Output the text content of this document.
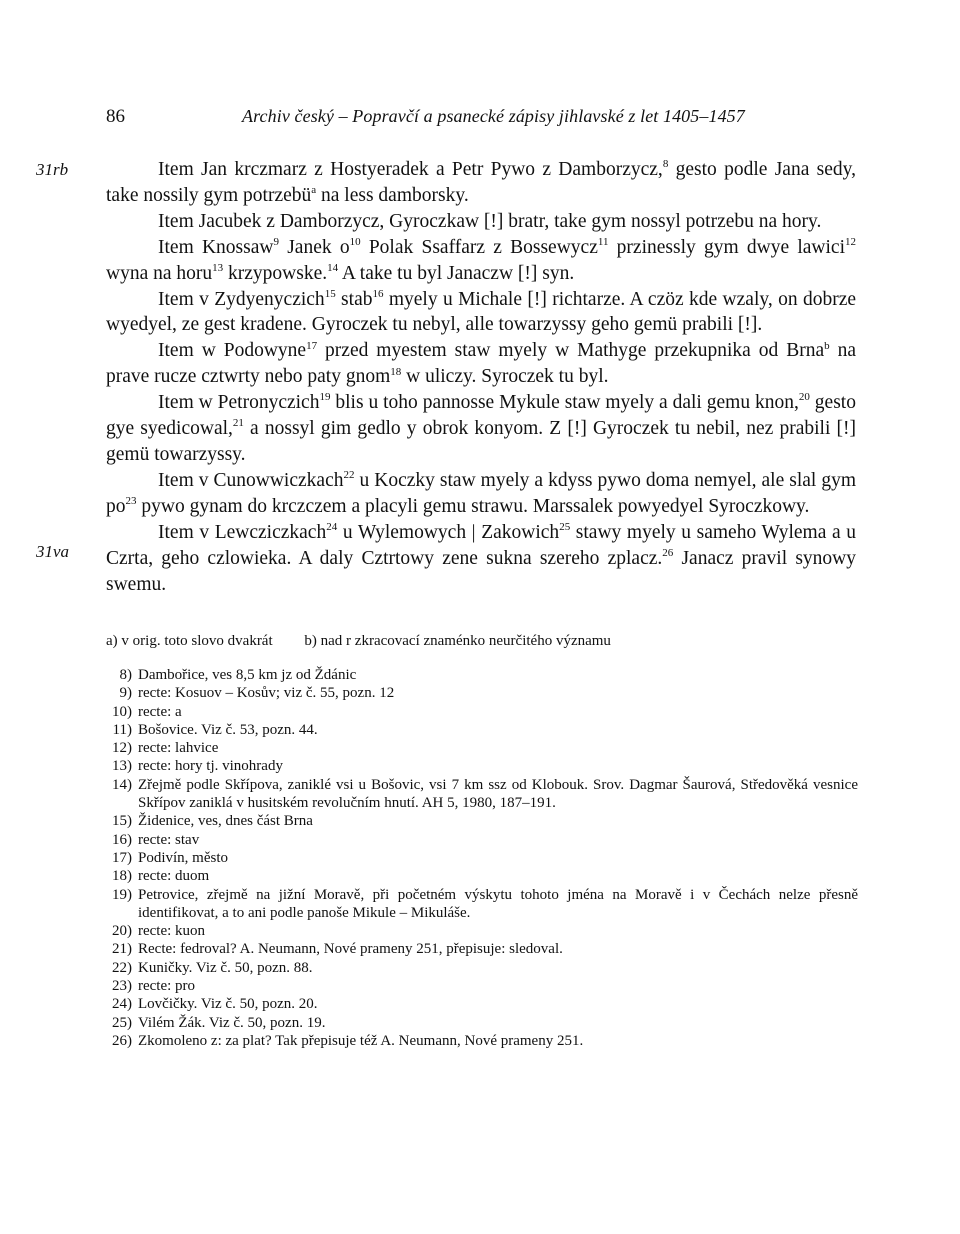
86	Archiv český – Popravčí a psanecké zápisy jihlavské z let 1405–1457
31rb
31va

Item Jan krczmarz z Hostyeradek a Petr Pywo z Damborzycz,$^8$ gesto podle Jana sedy, take nossily gym potrzebü$^a$ na less damborsky.

Item Jacubek z Damborzycz, Gyroczkaw [!] bratr, take gym nossyl potrzebu na hory.

Item Knossaw$^9$ Janek $o^{10}$ Polak Ssaffarz z Bossewycz$^{11}$ przinessly gym dwye lawici$^{12}$ wyna na horu$^{13}$ krzypowske.$^{14}$ A take tu byl Janaczw [!] syn.

Item v Zydyenyczich$^{15}$ stab$^{16}$ myely u Michale [!] richtarze. A czöz kde wzaly, on dobrze wyedyel, ze gest kradene. Gyroczek tu nebyl, alle towarzyssy geho gemü prabili [!].

Item w Podowyne$^{17}$ przed myestem staw myely w Mathyge przekupnika od Brna$^b$ na prave rucze cztwrty nebo paty gnom$^{18}$ w uliczy. Syroczek tu byl.

Item w Petronyczich$^{19}$ blis u toho pannosse Mykule staw myely a dali gemu knon,$^{20}$ gesto gye syedicowal,$^{21}$ a nossyl gim gedlo y obrok konyom. Z [!] Gyroczek tu nebil, nez prabili [!] gemü towarzyssy.

Item v Cunowwiczkach$^{22}$ u Koczky staw myely a kdyss pywo doma nemyel, ale slal gym $po^{23}$ pywo gynam do krczczem a placyli gemu strawu. Marssalek powyedyel Syroczkowy.

Item v Lewcziczkach$^{24}$ u Wylemowych | Zakowich$^{25}$ stawy myely u sameho Wylema a u Czrta, geho czlowieka. A daly Cztrtowy zene sukna szereho zplacz.$^{26}$ Janacz pravil synowy swemu.

a) v orig. toto slovo dvakrát b) nad r zkracovací znaménko neurčitého významu
8) Dambořice, ves 8,5 km jz od Ždánic
9) recte: Kosuov – Kosův; viz č. 55, pozn. 12
10) recte: a
11) Bošovice. Viz č. 53, pozn. 44.
12) recte: lahvice
13) recte: hory tj. vinohrady
14) Zřejmě podle Skřípova, zaniklé vsi u Bošovic, vsi 7 km ssz od Klobouk. Srov. Dagmar Šaurová, Středověká vesnice Skřípov zaniklá v husitském revolučním hnutí. AH 5, 1980, 187–191.
15) Židenice, ves, dnes část Brna
16) recte: stav
17) Podivín, město
18) recte: duom
19) Petrovice, zřejmě na jižní Moravě, při početném výskytu tohoto jména na Moravě i v Čechách nelze přesně identifikovat, a to ani podle panoše Mikule – Mikuláše.
20) recte: kuon
21) Recte: fedroval? A. Neumann, Nové prameny 251, přepisuje: sledoval.
22) Kuničky. Viz č. 50, pozn. 88.
23) recte: pro
24) Lovčičky. Viz č. 50, pozn. 20.
25) Vilém Žák. Viz č. 50, pozn. 19.
26) Zkomoleno z: za plat? Tak přepisuje též A. Neumann, Nové prameny 251.
